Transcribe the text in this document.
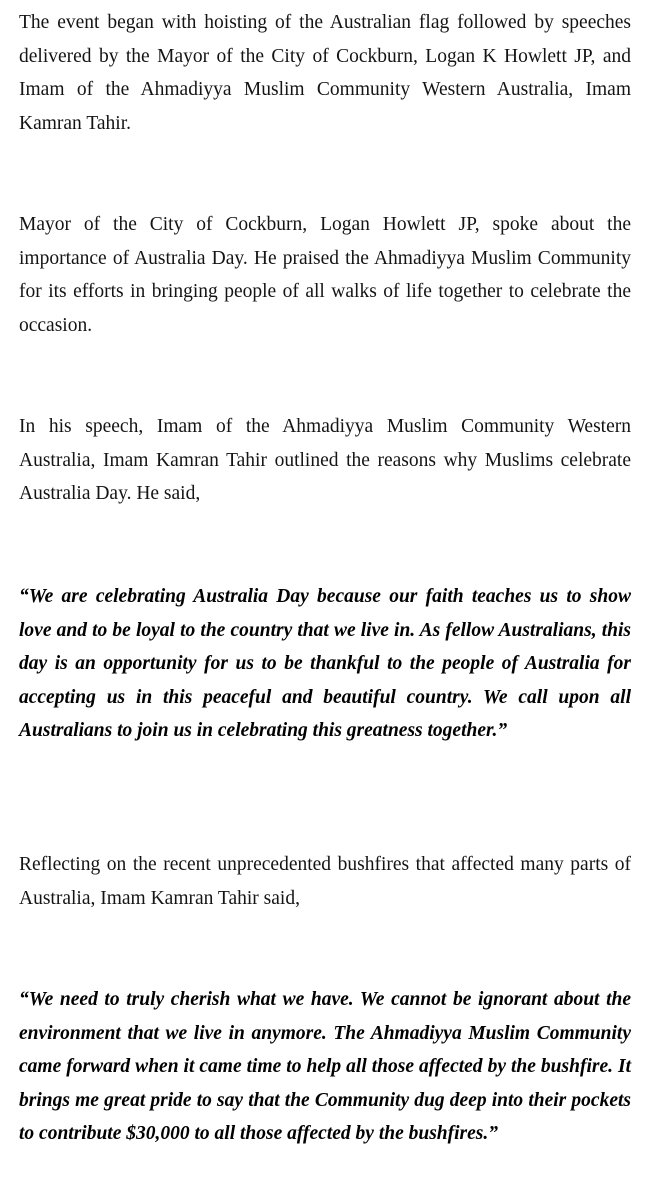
The event began with hoisting of the Australian flag followed by speeches delivered by the Mayor of the City of Cockburn, Logan K Howlett JP, and Imam of the Ahmadiyya Muslim Community Western Australia, Imam Kamran Tahir.

Mayor of the City of Cockburn, Logan Howlett JP, spoke about the importance of Australia Day. He praised the Ahmadiyya Muslim Community for its efforts in bringing people of all walks of life together to celebrate the occasion.

In his speech, Imam of the Ahmadiyya Muslim Community Western Australia, Imam Kamran Tahir outlined the reasons why Muslims celebrate Australia Day. He said,

“We are celebrating Australia Day because our faith teaches us to show love and to be loyal to the country that we live in. As fellow Australians, this day is an opportunity for us to be thankful to the people of Australia for accepting us in this peaceful and beautiful country. We call upon all Australians to join us in celebrating this greatness together.”

Reflecting on the recent unprecedented bushfires that affected many parts of Australia, Imam Kamran Tahir said,

“We need to truly cherish what we have. We cannot be ignorant about the environment that we live in anymore. The Ahmadiyya Muslim Community came forward when it came time to help all those affected by the bushfire. It brings me great pride to say that the Community dug deep into their pockets to contribute $30,000 to all those affected by the bushfires.”
